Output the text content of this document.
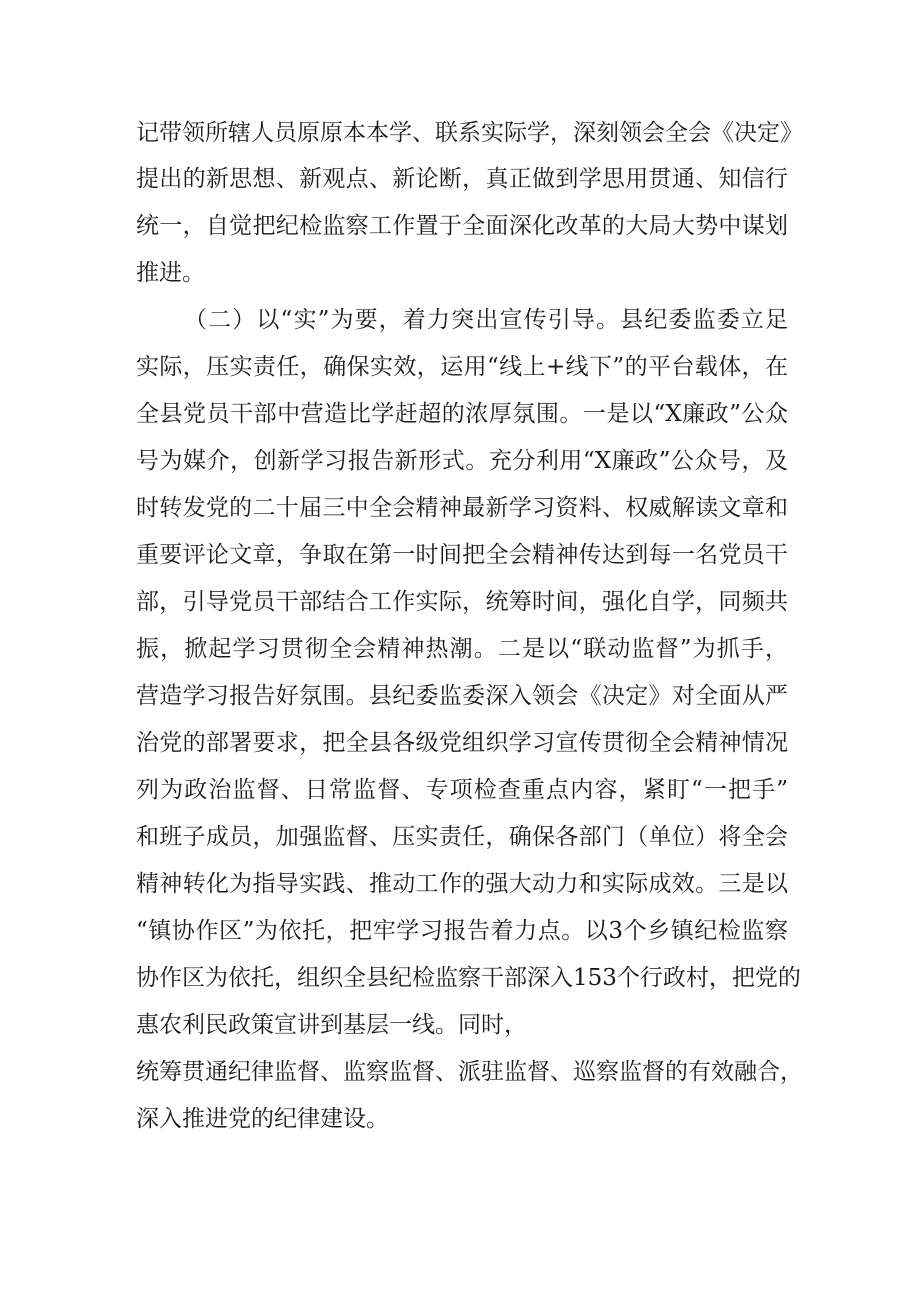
记带领所辖人员原原本本学、联系实际学，深刻领会全会《决定》
提出的新思想、新观点、新论断，真正做到学思用贯通、知信行
统一，自觉把纪检监察工作置于全面深化改革的大局大势中谋划
推进。
（二）以“实”为要，着力突出宣传引导。县纪委监委立足
实际，压实责任，确保实效，运用“线上+线下”的平台载体，在
全县党员干部中营造比学赶超的浓厚氛围。一是以“X廉政”公众
号为媒介，创新学习报告新形式。充分利用“X廉政”公众号，及
时转发党的二十届三中全会精神最新学习资料、权威解读文章和
重要评论文章，争取在第一时间把全会精神传达到每一名党员干
部，引导党员干部结合工作实际，统筹时间，强化自学，同频共
振，掀起学习贯彻全会精神热潮。二是以“联动监督”为抓手，
营造学习报告好氛围。县纪委监委深入领会《决定》对全面从严
治党的部署要求，把全县各级党组织学习宣传贯彻全会精神情况
列为政治监督、日常监督、专项检查重点内容，紧盯“一把手”
和班子成员，加强监督、压实责任，确保各部门（单位）将全会
精神转化为指导实践、推动工作的强大动力和实际成效。三是以
“镇协作区”为依托，把牢学习报告着力点。以3个乡镇纪检监察
协作区为依托，组织全县纪检监察干部深入153个行政村，把党的
惠农利民政策宣讲到基层一线。同时，
统筹贯通纪律监督、监察监督、派驻监督、巡察监督的有效融合，
深入推进党的纪律建设。
